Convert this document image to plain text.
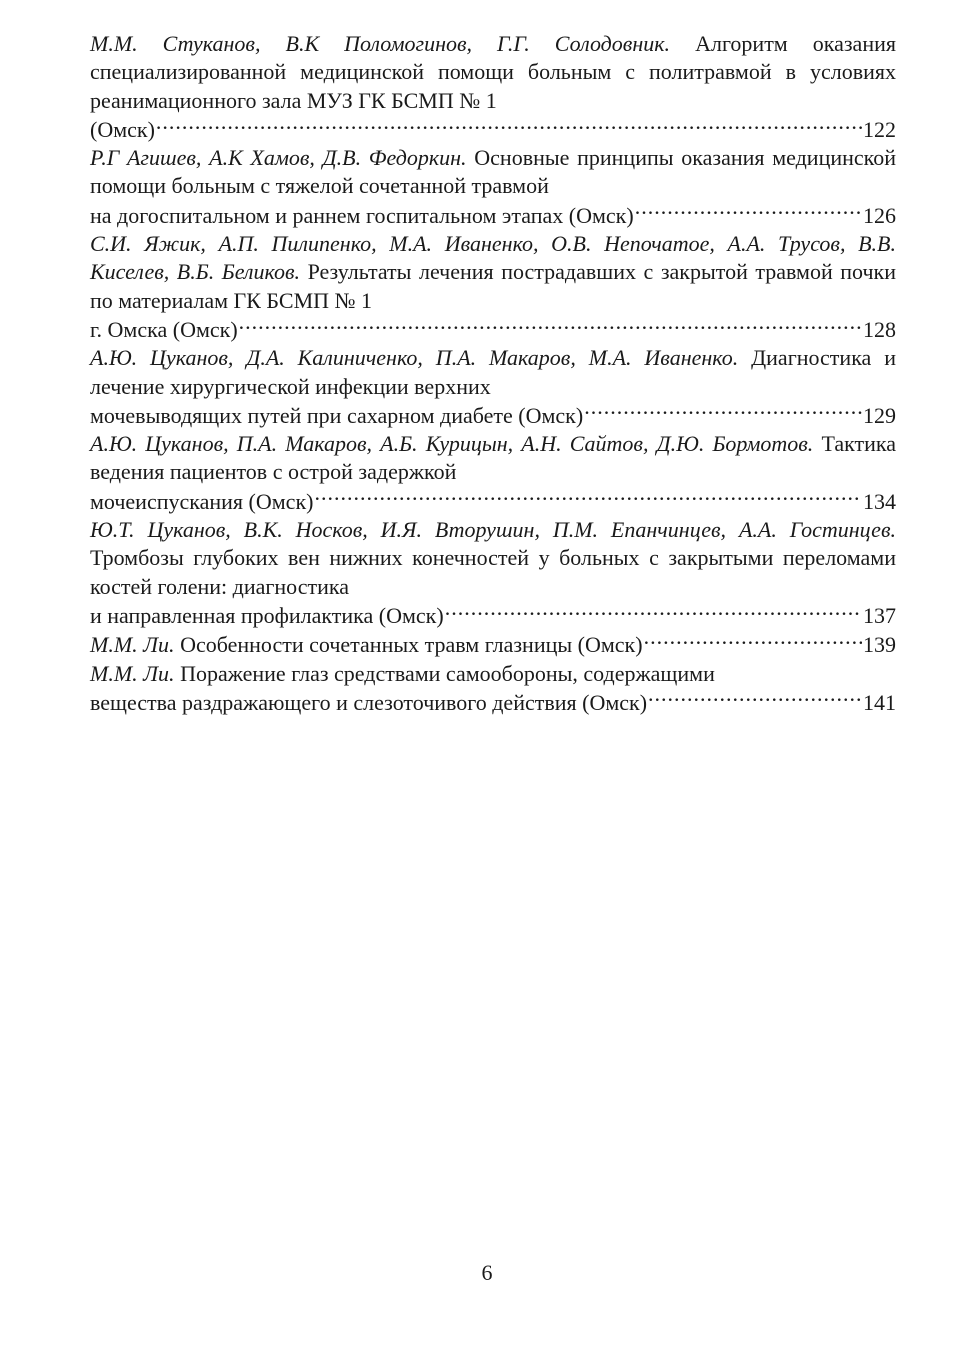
М.М. Стуканов, В.К Поломогинов, Г.Г. Солодовник. Алгоритм оказания специализированной медицинской помощи больным с политравмой в условиях реанимационного зала МУЗ ГК БСМП № 1
(Омск) .....	122
Р.Г Агишев, А.К Хамов, Д.В. Федоркин. Основные принципы оказания медицинской помощи больным с тяжелой сочетанной травмой
на догоспитальном и раннем госпитальном этапах (Омск) .....	126
С.И. Яжик, А.П. Пилипенко, М.А. Иваненко, О.В. Непочатое, А.А. Трусов, В.В. Киселев, В.Б. Беликов. Результаты лечения пострадавших с закрытой травмой почки по материалам ГК БСМП № 1
г. Омска (Омск) .....	128
А.Ю. Цуканов, Д.А. Калиниченко, П.А. Макаров, М.А. Иваненко. Диагностика и лечение хирургической инфекции верхних
мочевыводящих путей при сахарном диабете (Омск) .....	129
А.Ю. Цуканов, П.А. Макаров, А.Б. Курицын, А.Н. Сайтов, Д.Ю. Бормотов. Тактика ведения пациентов с острой задержкой
мочеиспускания (Омск) .....	134
Ю.Т. Цуканов, В.К. Носков, И.Я. Вторушин, П.М. Епанчинцев, А.А. Гостинцев. Тромбозы глубоких вен нижних конечностей у больных с закрытыми переломами костей голени: диагностика
и направленная профилактика (Омск) .....	137
М.М. Ли. Особенности сочетанных травм глазницы (Омск) .....	139
М.М. Ли. Поражение глаз средствами самообороны, содержащими
вещества раздражающего и слезоточивого действия (Омск) .....	141
6
